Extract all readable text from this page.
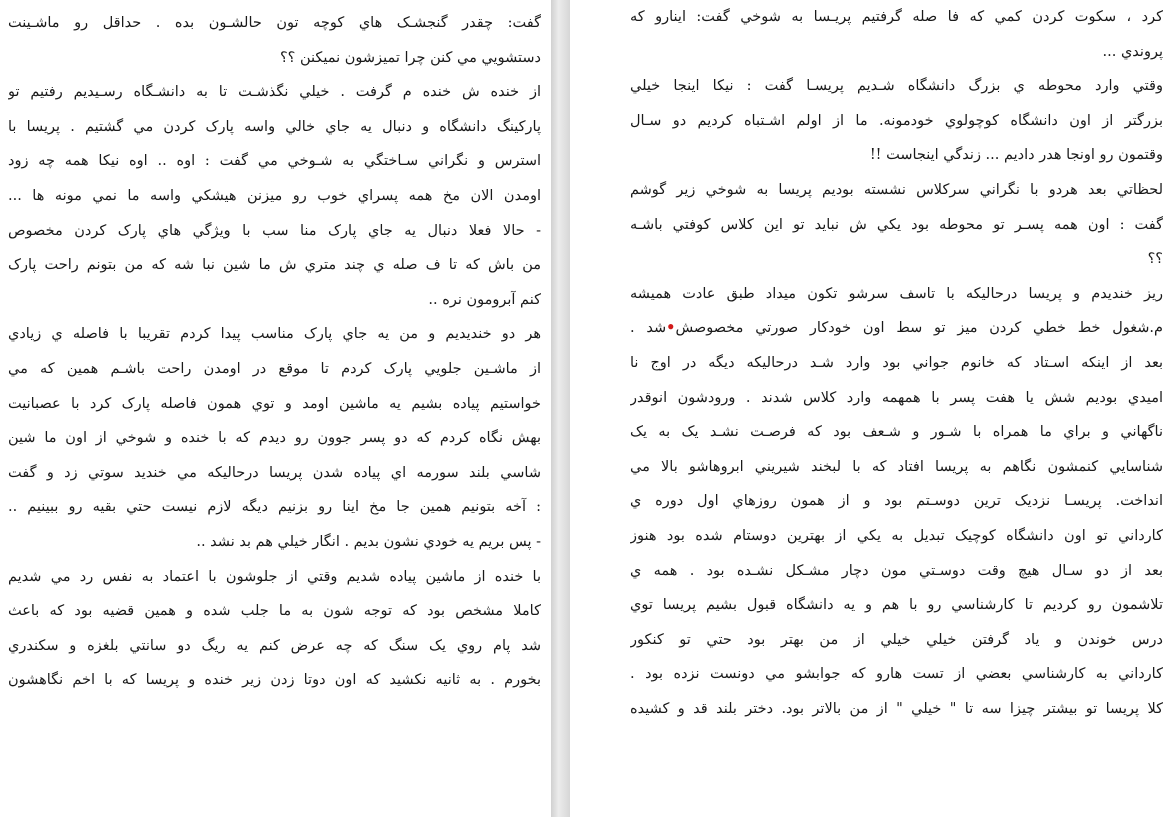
گفت: چقدر گنجشـک هاي کوچه تون حالشـون بده . حداقل رو ماشـينت
دستشويي مي کنن چرا تميزشون نميکنن ؟؟
از خنده ش خنده م گرفت . خيلي نگذشـت تا به دانشـگاه رسـيديم رفتيم تو
پارکينگ دانشگاه و دنبال يه جاي خالي واسه پارک کردن مي گشتيم . پريسا با
استرس و نگراني سـاختگي به شـوخي مي گفت : اوه .. اوه نيکا همه چه زود
اومدن الان مخ همه پسراي خوب رو ميزنن هيشکي واسه ما نمي مونه ها ...
- حالا فعلا دنبال يه جاي پارک منا سب با ويژگي هاي پارک کردن مخصوص
من باش که تا ف صله ي چند متري ش ما شين نبا شه که من بتونم راحت پارک
کنم آبرومون نره ..
هر دو خنديديم و من يه جاي پارک مناسب پيدا کردم تقريبا با فاصله ي زيادي
از ماشـين جلويي پارک کردم تا موقع در اومدن راحت باشـم همين که مي
خواستيم پياده بشيم يه ماشين اومد و توي همون فاصله پارک کرد با عصبانيت
بهش نگاه کردم که دو پسر جوون رو ديدم که با خنده و شوخي از اون ما شين
شاسي بلند سورمه اي پياده شدن پريسا درحاليکه مي خنديد سوتي زد و گفت
: آخه بتونيم همين جا مخ اينا رو بزنيم ديگه لازم نيست حتي بقيه رو ببينيم ..
- پس بريم يه خودي نشون بديم . انگار خيلي هم بد نشد ..
با خنده از ماشين پياده شديم وقتي از جلوشون با اعتماد به نفس رد مي شديم
کاملا مشخص بود که توجه شون به ما جلب شده و همين قضيه بود که باعث
شد پام روي يک سنگ که چه عرض کنم يه ريگ دو سانتي بلغزه و سکندري
بخورم . به ثانيه نکشيد که اون دوتا زدن زير خنده و پريسا که با اخم نگاهشون
کرد ، سکوت کردن کمي که فا صله گرفتيم پريـسا به شوخي گفت: اينارو که
پروندي ...
وقتي وارد محوطه ي بزرگ دانشگاه شـديم پريسـا گفت : نيکا اينجا خيلي
بزرگتر از اون دانشگاه کوچولوي خودمونه. ما از اولم اشـتباه کرديم دو سـال
وقتمون رو اونجا هدر داديم ... زندگي اينجاست !!
لحظاتي بعد هردو با نگراني سرکلاس نشسته بوديم پريسا به شوخي زير گوشم
گفت : اون همه پسـر تو محوطه بود يکي ش نبايد تو اين کلاس کوفتي باشـه
؟؟
ريز خنديدم و پريسا درحاليکه با تاسف سرشو تکون ميداد طبق عادت هميشه
م.شغول خط خطي کردن ميز تو سط اون خودکار صورتي مخصوصش•شد .
بعد از اينکه اسـتاد که خانوم جواني بود وارد شـد درحاليکه ديگه در اوج نا
اميدي بوديم شش يا هفت پسر با همهمه وارد کلاس شدند . ورودشون انوقدر
ناگهاني و براي ما همراه با شـور و شـعف بود که فرصـت نشـد يک به يک
شناسايي کنمشون نگاهم به پريسا افتاد که با لبخند شيريني ابروهاشو بالا مي
انداخت. پريسـا نزديک ترين دوسـتم بود و از همون روزهاي اول دوره ي
کارداني تو اون دانشگاه کوچيک تبديل به يکي از بهترين دوستام شده بود هنوز
بعد از دو سـال هيچ وقت دوسـتي مون دچار مشـکل نشـده بود . همه ي
تلاشمون رو کرديم تا کارشناسي رو با هم و يه دانشگاه قبول بشيم پريسا توي
درس خوندن و ياد گرفتن خيلي خيلي از من بهتر بود حتي تو کنکور
کارداني به کارشناسي بعضي از تست هارو که جوابشو مي دونست نزده بود .
کلا پريسا تو بيشتر چيزا سه تا " خيلي " از من بالاتر بود. دختر بلند قد و کشيده
